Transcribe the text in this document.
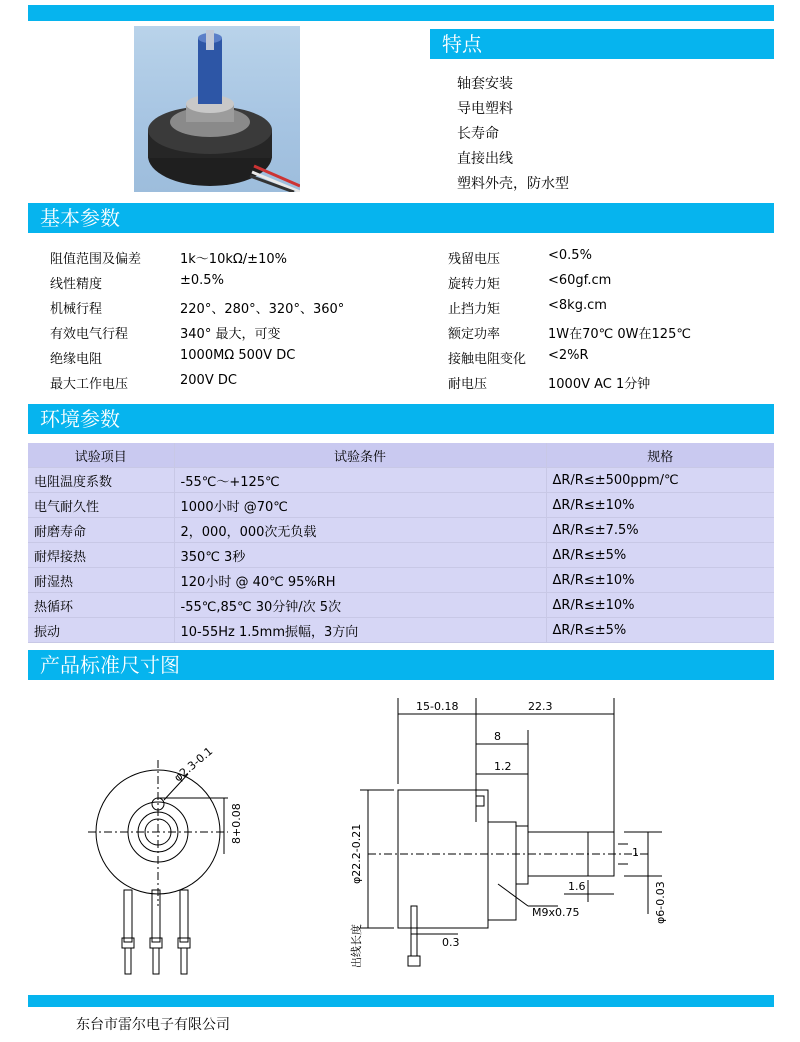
特点
轴套安装
导电塑料
长寿命
直接出线
塑料外壳，防水型
基本参数
阻值范围及偏差	1k～10kΩ/±10%
线性精度	±0.5%
机械行程	220°、280°、320°、360°
有效电气行程	340° 最大，可变
绝缘电阻	1000MΩ 500V DC
最大工作电压	200V DC
残留电压	<0.5%
旋转力矩	<60gf.cm
止挡力矩	<8kg.cm
额定功率	1W在70℃ 0W在125℃
接触电阻变化 <2%R
耐电压	1000V AC 1分钟
环境参数
试验项目	试验条件	规格
电阻温度系数	-55℃～+125℃	ΔR/R≤±500ppm/℃
电气耐久性	1000小时 @70℃	ΔR/R≤±10%
耐磨寿命	2，000，000次无负载	ΔR/R≤±7.5%
耐焊接热	350℃ 3秒	ΔR/R≤±5%
耐湿热	120小时 @ 40℃ 95%RH	ΔR/R≤±10%
热循环	-55℃,85℃ 30分钟/次 5次	ΔR/R≤±10%
振动	10-55Hz 1.5mm振幅，3方向	ΔR/R≤±5%
产品标准尺寸图
φ2.3-0.1
8+0.08
15-0.18	22.3
8
1.2
φ22.2-0.21
1.6
1
M9x0.75
0.3
φ6-0.03
出线长度
东台市雷尔电子有限公司
